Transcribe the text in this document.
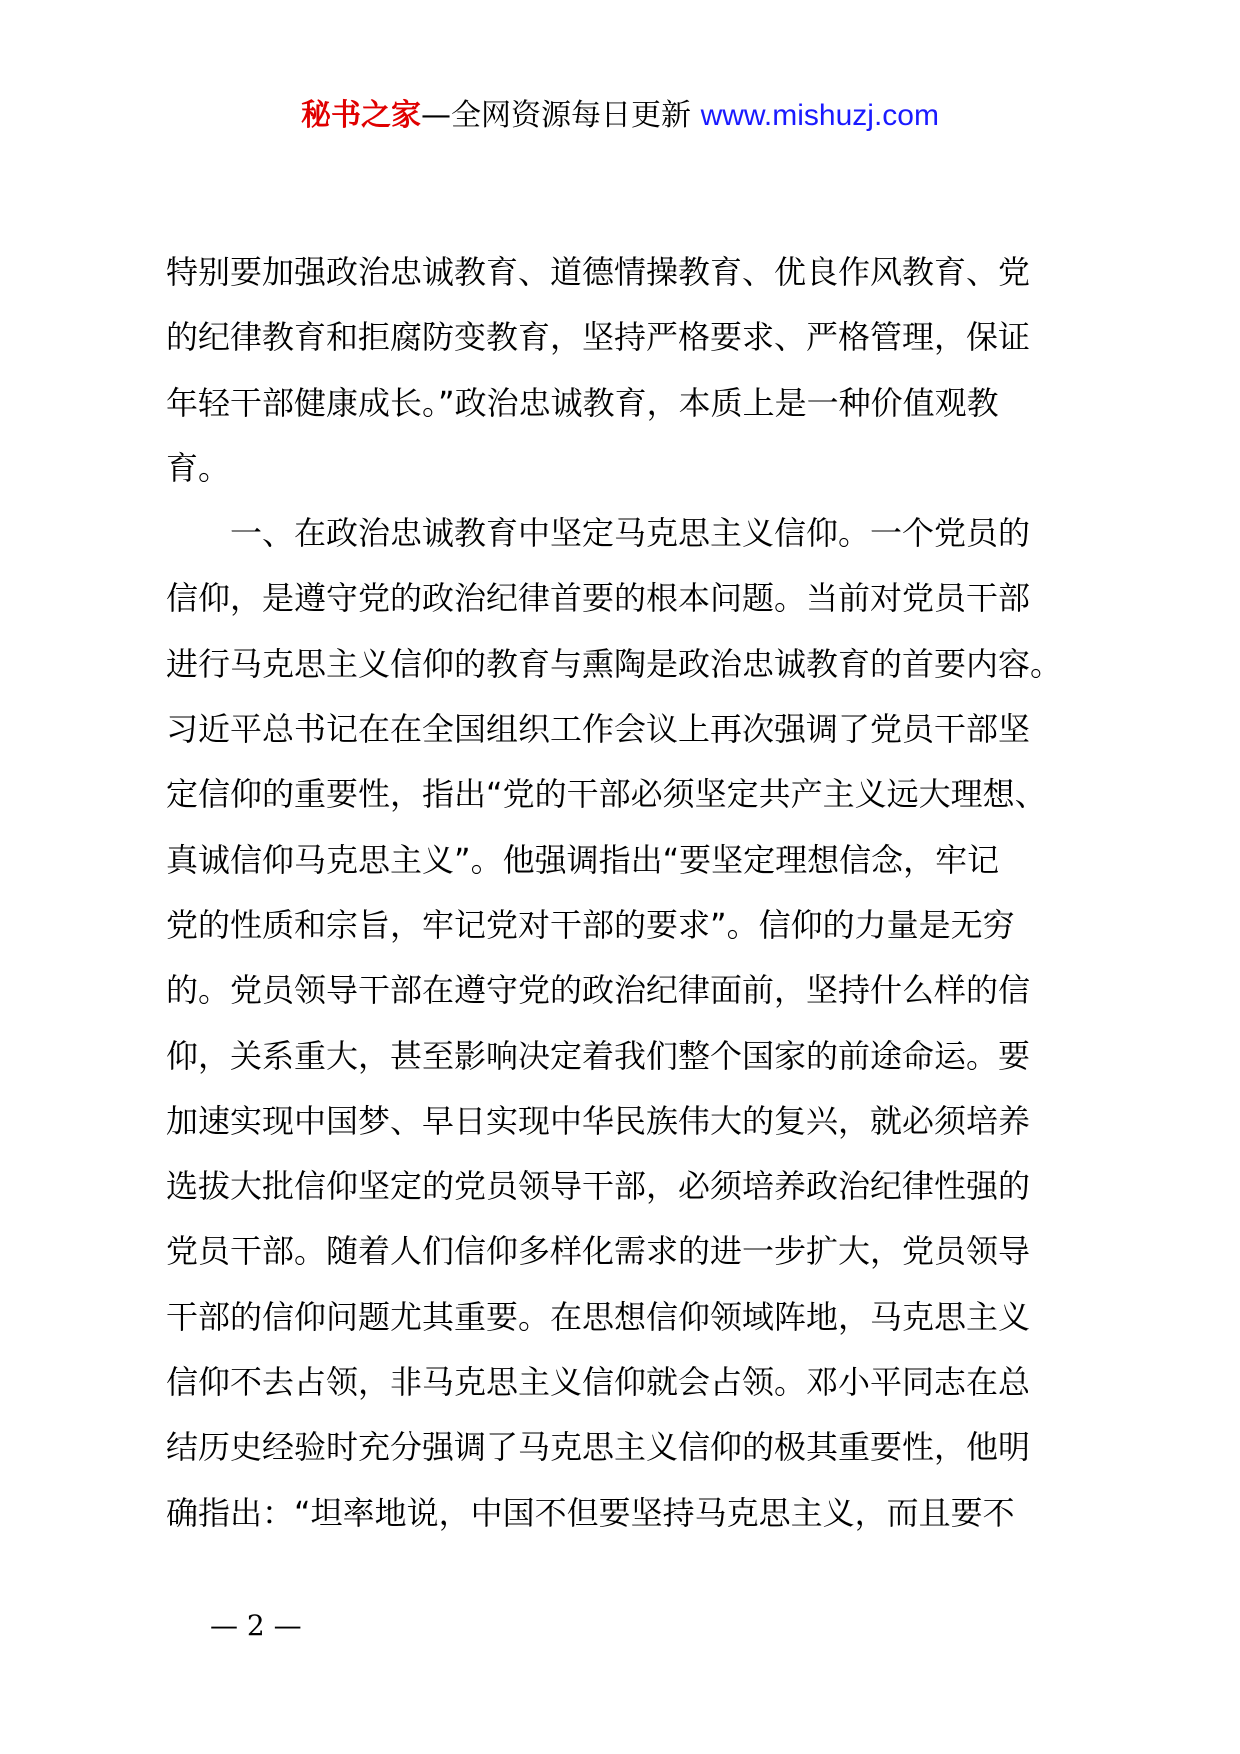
秘书之家—全网资源每日更新 www.mishuzj.com
特别要加强政治忠诚教育、道德情操教育、优良作风教育、党
的纪律教育和拒腐防变教育，坚持严格要求、严格管理，保证
年轻干部健康成长。”政治忠诚教育，本质上是一种价值观教
育。
一、在政治忠诚教育中坚定马克思主义信仰。一个党员的
信仰，是遵守党的政治纪律首要的根本问题。当前对党员干部
进行马克思主义信仰的教育与熏陶是政治忠诚教育的首要内容。
习近平总书记在在全国组织工作会议上再次强调了党员干部坚
定信仰的重要性，指出“党的干部必须坚定共产主义远大理想、
真诚信仰马克思主义”。他强调指出“要坚定理想信念，牢记
党的性质和宗旨，牢记党对干部的要求”。信仰的力量是无穷
的。党员领导干部在遵守党的政治纪律面前，坚持什么样的信
仰，关系重大，甚至影响决定着我们整个国家的前途命运。要
加速实现中国梦、早日实现中华民族伟大的复兴，就必须培养
选拔大批信仰坚定的党员领导干部，必须培养政治纪律性强的
党员干部。随着人们信仰多样化需求的进一步扩大，党员领导
干部的信仰问题尤其重要。在思想信仰领域阵地，马克思主义
信仰不去占领，非马克思主义信仰就会占领。邓小平同志在总
结历史经验时充分强调了马克思主义信仰的极其重要性，他明
确指出：“坦率地说，中国不但要坚持马克思主义，而且要不
— 2 —
